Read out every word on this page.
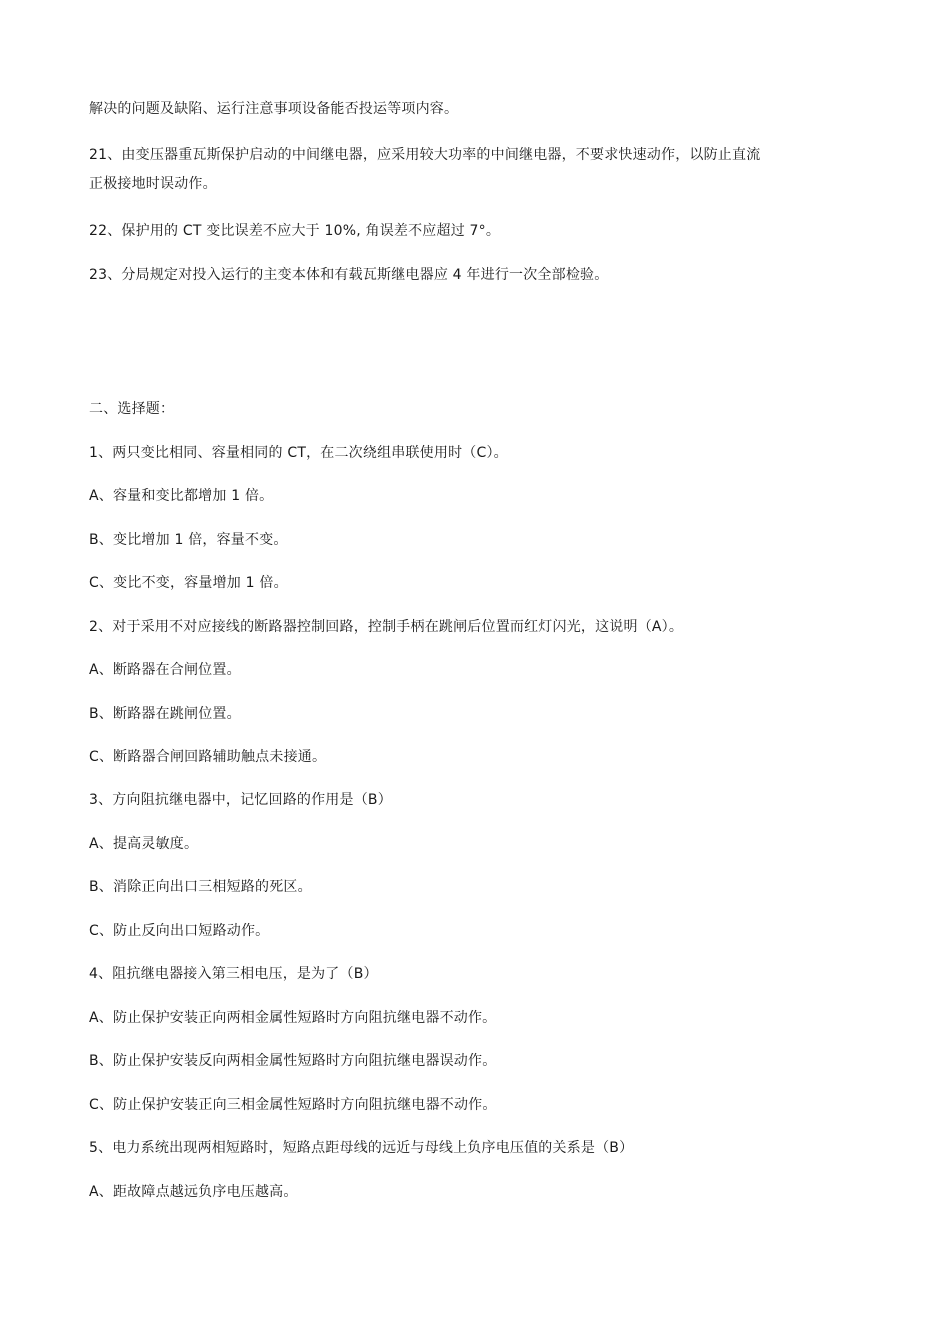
解决的问题及缺陷、运行注意事项设备能否投运等项内容。
21、由变压器重瓦斯保护启动的中间继电器，应采用较大功率的中间继电器，不要求快速动作，以防止直流
正极接地时误动作。
22、保护用的 CT 变比误差不应大于 10%, 角误差不应超过 7°。
23、分局规定对投入运行的主变本体和有载瓦斯继电器应 4 年进行一次全部检验。
二、选择题：
1、两只变比相同、容量相同的 CT，在二次绕组串联使用时（C）。
A、容量和变比都增加 1 倍。
B、变比增加 1 倍，容量不变。
C、变比不变，容量增加 1 倍。
2、对于采用不对应接线的断路器控制回路，控制手柄在跳闸后位置而红灯闪光，这说明（A）。
A、断路器在合闸位置。
B、断路器在跳闸位置。
C、断路器合闸回路辅助触点未接通。
3、方向阻抗继电器中，记忆回路的作用是（B）
A、提高灵敏度。
B、消除正向出口三相短路的死区。
C、防止反向出口短路动作。
4、阻抗继电器接入第三相电压，是为了（B）
A、防止保护安装正向两相金属性短路时方向阻抗继电器不动作。
B、防止保护安装反向两相金属性短路时方向阻抗继电器误动作。
C、防止保护安装正向三相金属性短路时方向阻抗继电器不动作。
5、电力系统出现两相短路时，短路点距母线的远近与母线上负序电压值的关系是（B）
A、距故障点越远负序电压越高。
